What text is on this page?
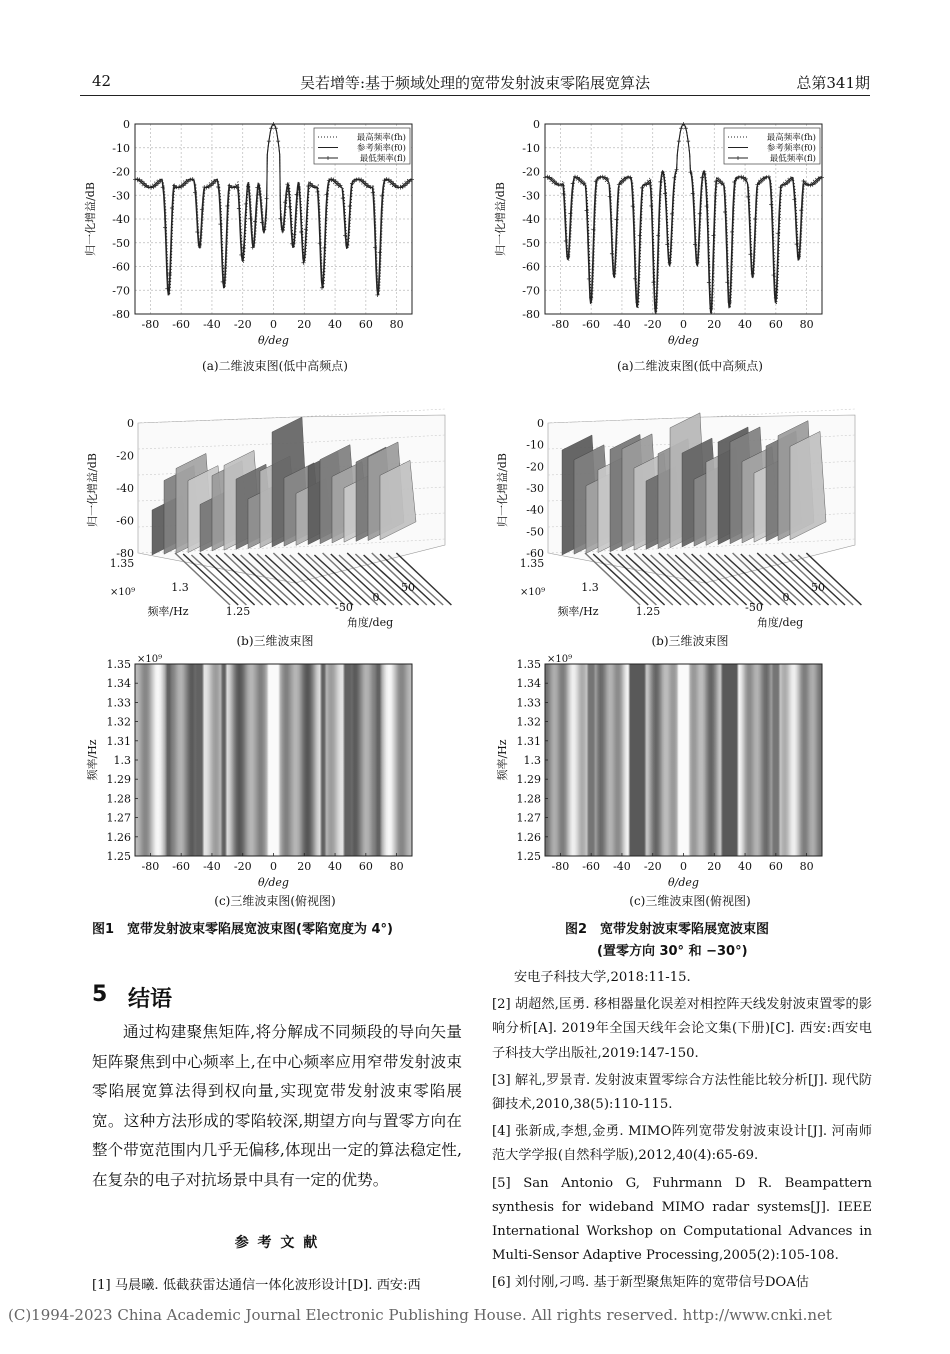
42	吴若增等:基于频域处理的宽带发射波束零陷展宽算法	总第341期
-80 -60 -40 -20 0 20 40 60 80
0
-10
-20
-30
-40
-50
-60
-70
-80
最高频率(fh)
参考频率(f0)
最低频率(fl)
θ/deg
归一化增益/dB
(a)二维波束图(低中高频点)
-80 -60 -40 -20 0 20 40 60 80
0
-10
-20
-30
-40
-50
-60
-70
-80
最高频率(fh)
参考频率(f0)
最低频率(fl)
θ/deg
归一化增益/dB
(a)二维波束图(低中高频点)
0
-20
-40
-60
-80
归一化增益/dB
1.35
1.3
1.25
×10⁹
频率/Hz
50
0
-50
角度/deg
(b)三维波束图
0
-10
-20
-30
-40
-50
-60
归一化增益/dB
1.35
1.3
1.25
×10⁹
频率/Hz
50
0
-50
角度/deg
(b)三维波束图
-80 -60 -40 -20 0 20 40 60 80
1.35
1.34
1.33
1.32
1.31
1.3
1.29
1.28
1.27
1.26
1.25
×10⁹
θ/deg
频率/Hz
(c)三维波束图(俯视图)
-80 -60 -40 -20 0 20 40 60 80
1.35
1.34
1.33
1.32
1.31
1.3
1.29
1.28
1.27
1.26
1.25
×10⁹
θ/deg
频率/Hz
(c)三维波束图(俯视图)
图1　宽带发射波束零陷展宽波束图(零陷宽度为 4°)	图2　宽带发射波束零陷展宽波束图
(置零方向 30° 和 −30°)
5 结语
通过构建聚焦矩阵,将分解成不同频段的导向矢量矩阵聚焦到中心频率上,在中心频率应用窄带发射波束零陷展宽算法得到权向量,实现宽带发射波束零陷展宽。这种方法形成的零陷较深,期望方向与置零方向在整个带宽范围内几乎无偏移,体现出一定的算法稳定性,在复杂的电子对抗场景中具有一定的优势。
参 考 文 献
[1] 马晨曦. 低截获雷达通信一体化波形设计[D]. 西安:西
安电子科技大学,2018:11-15.
[2] 胡超然,匡勇. 移相器量化误差对相控阵天线发射波束置零的影响分析[A]. 2019年全国天线年会论文集(下册)[C]. 西安:西安电子科技大学出版社,2019:147-150.
[3] 解礼,罗景青. 发射波束置零综合方法性能比较分析[J]. 现代防御技术,2010,38(5):110-115.
[4] 张新成,李想,金勇. MIMO阵列宽带发射波束设计[J]. 河南师范大学学报(自然科学版),2012,40(4):65-69.
[5] San Antonio G, Fuhrmann D R. Beampattern synthesis for wideband MIMO radar systems[J]. IEEE International Workshop on Computational Advances in Multi-Sensor Adaptive Processing,2005(2):105-108.
[6] 刘付刚,刁鸣. 基于新型聚焦矩阵的宽带信号DOA估
(C)1994-2023 China Academic Journal Electronic Publishing House. All rights reserved. http://www.cnki.net
